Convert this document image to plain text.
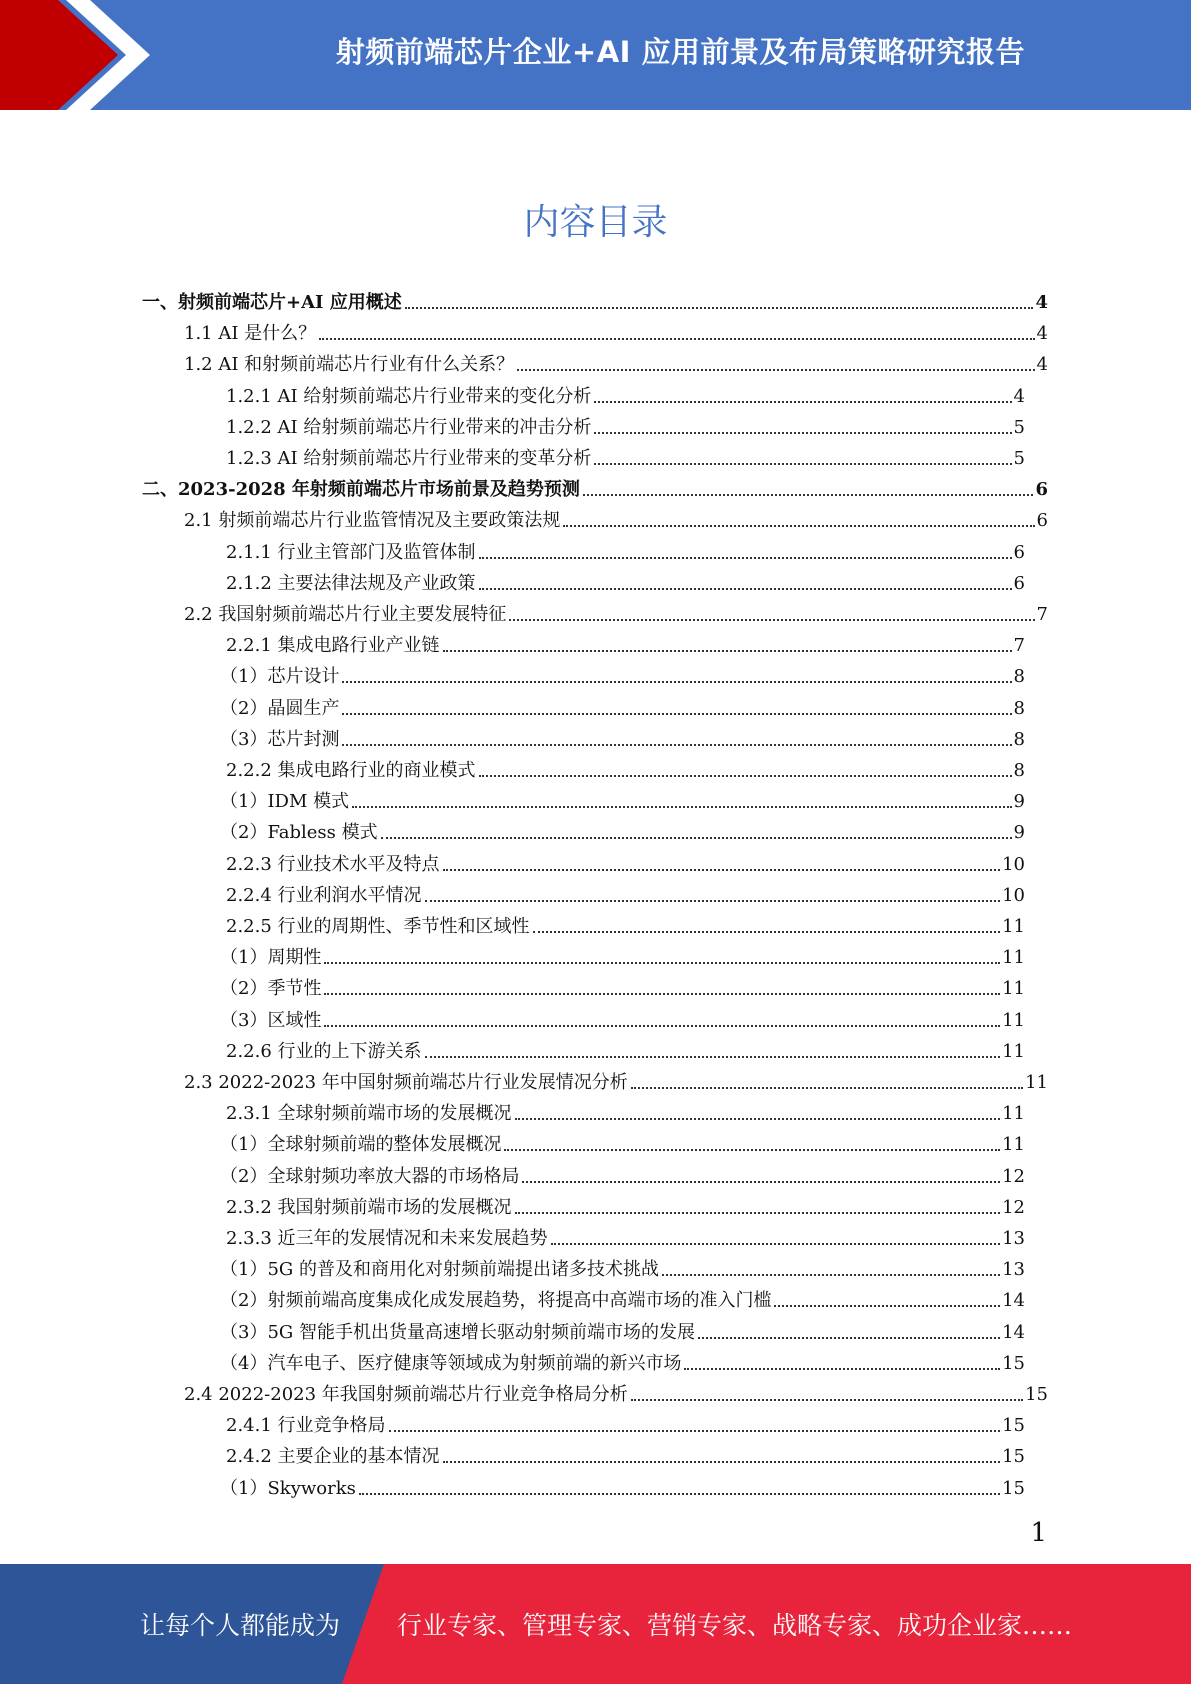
射频前端芯片企业+AI 应用前景及布局策略研究报告
内容目录
一、射频前端芯片+AI 应用概述	4
1.1 AI 是什么？	4
1.2 AI 和射频前端芯片行业有什么关系？	4
1.2.1 AI 给射频前端芯片行业带来的变化分析	4
1.2.2 AI 给射频前端芯片行业带来的冲击分析	5
1.2.3 AI 给射频前端芯片行业带来的变革分析	5
二、2023-2028 年射频前端芯片市场前景及趋势预测	6
2.1 射频前端芯片行业监管情况及主要政策法规	6
2.1.1 行业主管部门及监管体制	6
2.1.2 主要法律法规及产业政策	6
2.2 我国射频前端芯片行业主要发展特征	7
2.2.1 集成电路行业产业链	7
（1）芯片设计	8
（2）晶圆生产	8
（3）芯片封测	8
2.2.2 集成电路行业的商业模式	8
（1）IDM 模式	9
（2）Fabless 模式	9
2.2.3 行业技术水平及特点	10
2.2.4 行业利润水平情况	10
2.2.5 行业的周期性、季节性和区域性	11
（1）周期性	11
（2）季节性	11
（3）区域性	11
2.2.6 行业的上下游关系	11
2.3 2022-2023 年中国射频前端芯片行业发展情况分析	11
2.3.1 全球射频前端市场的发展概况	11
（1）全球射频前端的整体发展概况	11
（2）全球射频功率放大器的市场格局	12
2.3.2 我国射频前端市场的发展概况	12
2.3.3 近三年的发展情况和未来发展趋势	13
（1）5G 的普及和商用化对射频前端提出诸多技术挑战	13
（2）射频前端高度集成化成发展趋势，将提高中高端市场的准入门槛	14
（3）5G 智能手机出货量高速增长驱动射频前端市场的发展	14
（4）汽车电子、医疗健康等领域成为射频前端的新兴市场	15
2.4 2022-2023 年我国射频前端芯片行业竞争格局分析	15
2.4.1 行业竞争格局	15
2.4.2 主要企业的基本情况	15
（1）Skyworks	15
1
让每个人都能成为 行业专家、管理专家、营销专家、战略专家、成功企业家……
